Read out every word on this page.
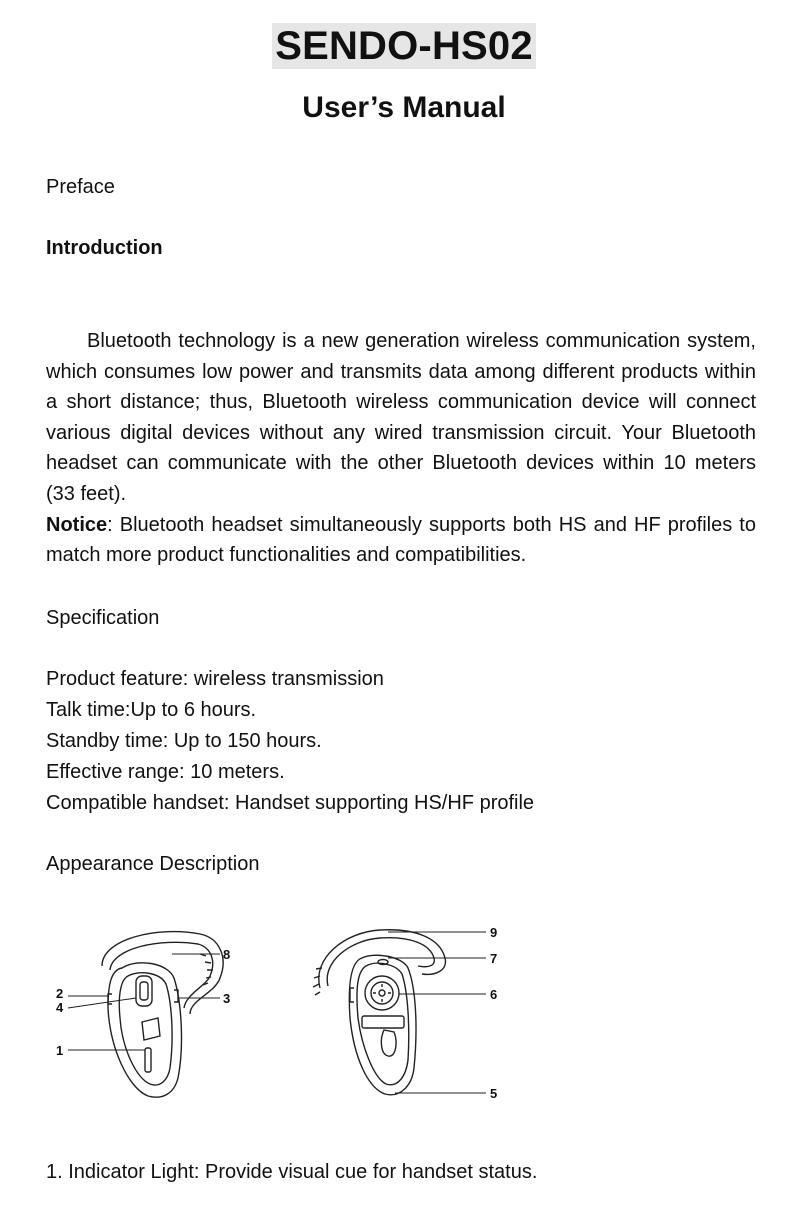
SENDO-HS02
User’s Manual
Preface
Introduction
Bluetooth technology is a new generation wireless communication system,
which consumes low power and transmits data among different products within
a short distance; thus, Bluetooth wireless communication device will connect
various digital devices without any wired transmission circuit. Your Bluetooth
headset can communicate with the other Bluetooth devices within 10 meters
(33 feet).
Notice: Bluetooth headset simultaneously supports both HS and HF profiles to
match more product functionalities and compatibilities.
Specification
Product feature: wireless transmission
Talk time:Up to 6 hours.
Standby time: Up to 150 hours.
Effective range: 10 meters.
Compatible handset: Handset supporting HS/HF profile
Appearance Description
8
2
4
3
1
9
7
6
5
1. Indicator Light: Provide visual cue for handset status.
